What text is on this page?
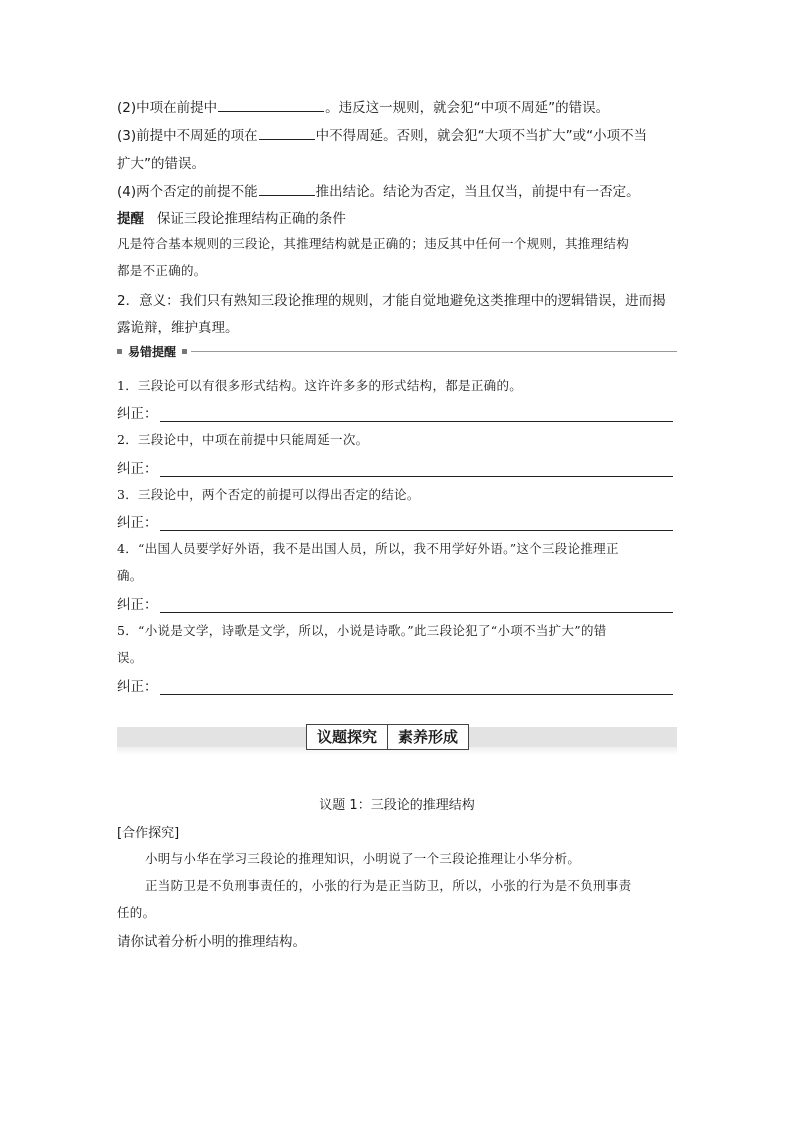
(2)中项在前提中	。违反这一规则，就会犯“中项不周延”的错误。
(3)前提中不周延的项在	中不得周延。否则，就会犯“大项不当扩大”或“小项不当
扩大”的错误。
(4)两个否定的前提不能	推出结论。结论为否定，当且仅当，前提中有一否定。
提醒 保证三段论推理结构正确的条件
凡是符合基本规则的三段论，其推理结构就是正确的；违反其中任何一个规则，其推理结构
都是不正确的。
2．意义：我们只有熟知三段论推理的规则，才能自觉地避免这类推理中的逻辑错误，进而揭
露诡辩，维护真理。
易错提醒
1．三段论可以有很多形式结构。这许许多多的形式结构，都是正确的。
纠正：
2．三段论中，中项在前提中只能周延一次。
纠正：
3．三段论中，两个否定的前提可以得出否定的结论。
纠正：
4．“出国人员要学好外语，我不是出国人员，所以，我不用学好外语。”这个三段论推理正
确。
纠正：
5．“小说是文学，诗歌是文学，所以，小说是诗歌。”此三段论犯了“小项不当扩大”的错
误。
纠正：
议题探究	素养形成
议题 1：三段论的推理结构
[合作探究]
小明与小华在学习三段论的推理知识，小明说了一个三段论推理让小华分析。
正当防卫是不负刑事责任的，小张的行为是正当防卫，所以，小张的行为是不负刑事责
任的。
请你试着分析小明的推理结构。
